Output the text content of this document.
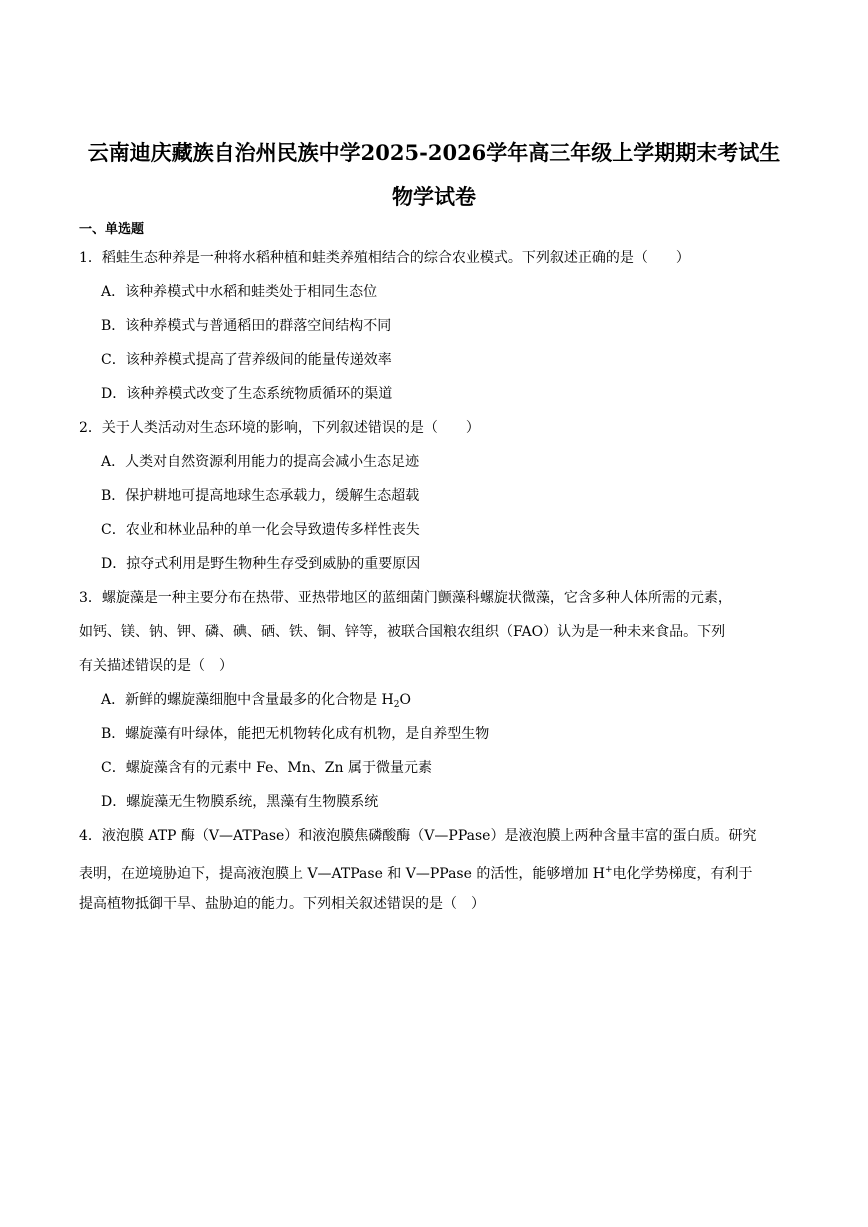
云南迪庆藏族自治州民族中学2025-2026学年高三年级上学期期末考试生
物学试卷
一、单选题
1．稻蛙生态种养是一种将水稻种植和蛙类养殖相结合的综合农业模式。下列叙述正确的是（　　）
A．该种养模式中水稻和蛙类处于相同生态位
B．该种养模式与普通稻田的群落空间结构不同
C．该种养模式提高了营养级间的能量传递效率
D．该种养模式改变了生态系统物质循环的渠道
2．关于人类活动对生态环境的影响，下列叙述错误的是（　　）
A．人类对自然资源利用能力的提高会减小生态足迹
B．保护耕地可提高地球生态承载力，缓解生态超载
C．农业和林业品种的单一化会导致遗传多样性丧失
D．掠夺式利用是野生物种生存受到威胁的重要原因
3．螺旋藻是一种主要分布在热带、亚热带地区的蓝细菌门颤藻科螺旋状微藻，它含多种人体所需的元素，
如钙、镁、钠、钾、磷、碘、硒、铁、铜、锌等，被联合国粮农组织（FAO）认为是一种未来食品。下列
有关描述错误的是（　）
A．新鲜的螺旋藻细胞中含量最多的化合物是 $H_2O$
B．螺旋藻有叶绿体，能把无机物转化成有机物，是自养型生物
C．螺旋藻含有的元素中 Fe、Mn、Zn 属于微量元素
D．螺旋藻无生物膜系统，黑藻有生物膜系统
4．液泡膜 ATP 酶（V—ATPase）和液泡膜焦磷酸酶（V—PPase）是液泡膜上两种含量丰富的蛋白质。研究
表明，在逆境胁迫下，提高液泡膜上 V—ATPase 和 V—PPase 的活性，能够增加 H+电化学势梯度，有利于
提高植物抵御干旱、盐胁迫的能力。下列相关叙述错误的是（　）
